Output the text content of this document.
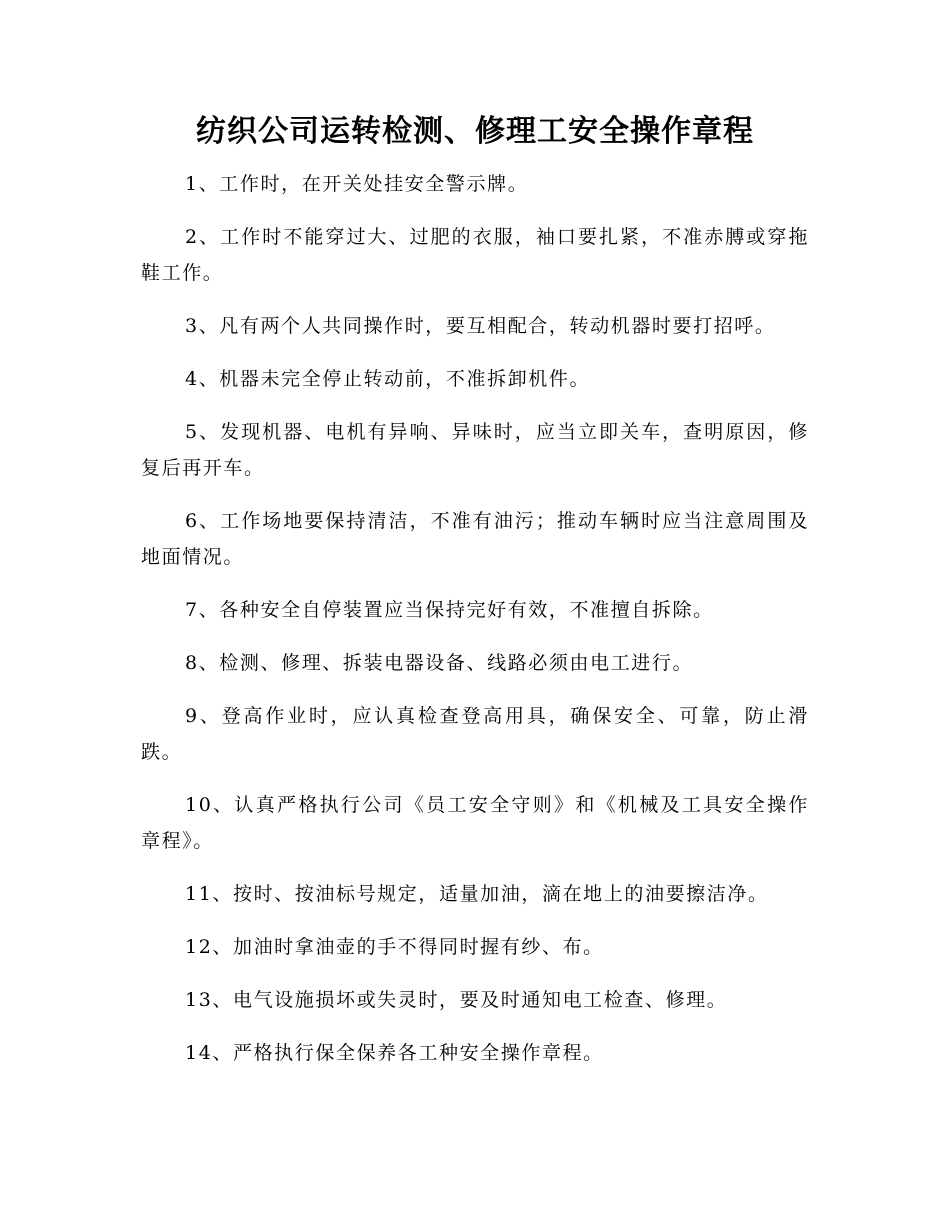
纺织公司运转检测、修理工安全操作章程
1、工作时，在开关处挂安全警示牌。
2、工作时不能穿过大、过肥的衣服，袖口要扎紧，不准赤膊或穿拖鞋工作。
3、凡有两个人共同操作时，要互相配合，转动机器时要打招呼。
4、机器未完全停止转动前，不准拆卸机件。
5、发现机器、电机有异响、异味时，应当立即关车，查明原因，修复后再开车。
6、工作场地要保持清洁，不准有油污；推动车辆时应当注意周围及地面情况。
7、各种安全自停装置应当保持完好有效，不准擅自拆除。
8、检测、修理、拆装电器设备、线路必须由电工进行。
9、登高作业时，应认真检查登高用具，确保安全、可靠，防止滑跌。
10、认真严格执行公司《员工安全守则》和《机械及工具安全操作章程》。
11、按时、按油标号规定，适量加油，滴在地上的油要擦洁净。
12、加油时拿油壶的手不得同时握有纱、布。
13、电气设施损坏或失灵时，要及时通知电工检查、修理。
14、严格执行保全保养各工种安全操作章程。
